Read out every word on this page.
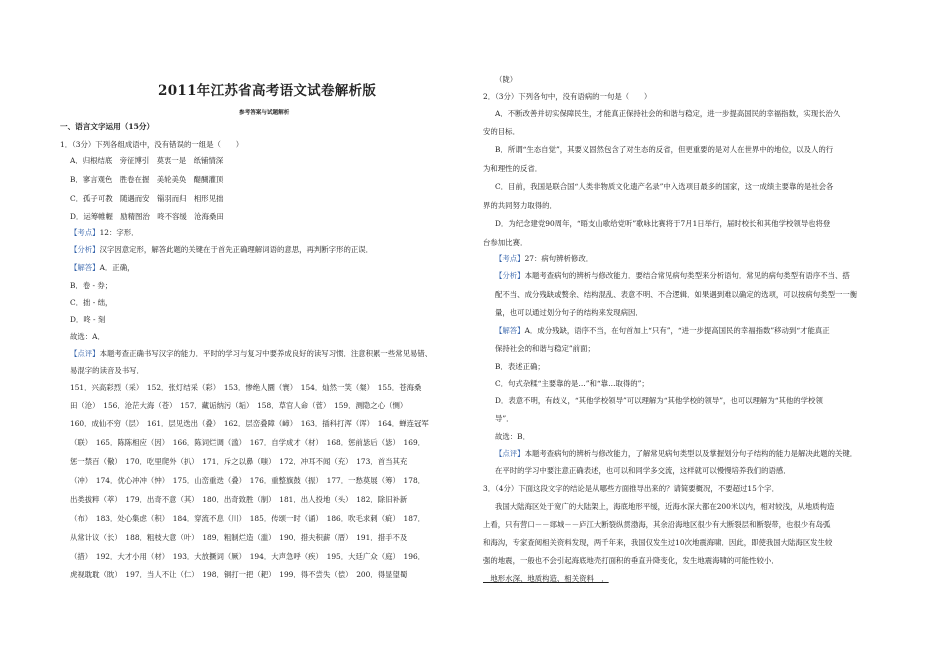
2011年江苏省高考语文试卷解析版
参考答案与试题解析
一、语言文字运用（15分）
1．（3分）下列各组成语中，没有错误的一组是（　　）
A．归根结底　旁征博引　莫衷一是　纸铺情深
B．寥言观色　胜卷在握　美轮美奂　醍醐灌顶
C．孤子可教　随遇而安　锱羽而归　相形见拙
D．运筹帷幄　励精图治　咚不容缓　沧海桑田
【考点】12：字形．
【分析】汉字因意定形，解答此题的关键在于首先正确理解词语的意思，再判断字形的正误．
【解答】A．正确，
B．卷 - 券；
C．拙 - 绌，
D．咚 - 刻
故选：A．
【点评】本题考查正确书写汉字的能力．平时的学习与复习中要养成良好的读写习惯．注意积累一些常见易错、
易混字的读音及书写．
151．兴高彩烈（采）　152．张灯结采（彩）　153．惨绝人圜（寰）　154．灿然一笑（粲）　155．苍海桑
田（沧）　156．沧茫大海（苍）　157．藏诟纳污（垢）　158．草官人命（菅）　159．测隐之心（恻）
160．成仙不穷（层）　161．层见迭出（叠）　162．层峦叠障（嶂）　163．插科打浑（诨）　164．蝉连冠军
（联）　165．陈陈相应（因）　166．陈词烂调（滥）　167．自学成才（材）　168．惩前毖后（毖）　169．
惩一禁百（儆）　170．吃里爬外（扒）　171．斥之以鼻（嗤）　172．冲耳不闻（充）　173．首当其充
（冲）　174．优心冲冲（忡）　175．山峦重迭（叠）　176．重整旗鼓（振）　177．一愁莫展（筹）　178．
出类拔粹（萃）　179．出奇不意（其）　180．出奇致胜（制）　181．出人投地（头）　182．除旧补新
（布）　183．处心集虑（积）　184．穿流不息（川）　185．传颂一时（诵）　186．吹毛求刺（疵）　187．
从常计议（长）　188．粗枝大意（叶）　189．粗制烂造（滥）　190．措夫积薪（厝）　191．措手不及
（措）　192．大才小用（材）　193．大放撅词（厥）　194．大声急呼（疾）　195．大廷广众（庭）　196．
虎视耽耽（眈）　197．当人不让（仁）　198．铜打一把（耙）　199．得不尝失（偿）　200．得显望蜀
（陇）
2．（3分）下列各句中，没有语病的一句是（　　）
A．不断改善并切实保障民生，才能真正保持社会的和谐与稳定，进一步提高国民的幸福指数，实现长治久
安的目标．
B．所谓“生态自觉”，其要义固然包含了对生态的反省，但更重要的是对人在世界中的地位，以及人的行
为和理性的反省．
C．目前，我国是联合国“人类非物质文化遗产名录”中入选项目最多的国家，这一成绩主要靠的是社会各
界的共同努力取得的．
D．为纪念建党90周年，“晤支山歌给党听”歌咏比赛将于7月1日举行，届时校长和其他学校领导也将登
台参加比赛．
【考点】27：病句辨析修改．
【分析】本题考查病句的辨析与修改能力．要结合常见病句类型来分析语句．常见的病句类型有语序不当、搭
配不当、成分残缺或赘余、结构混乱、表意不明、不合逻辑．如果遇到难以确定的选项，可以按病句类型一一衡
量，也可以通过划分句子的结构来发现病因．
【解答】A．成分残缺，语序不当，在句首加上“只有”，“进一步提高国民的幸福指数”移动到“才能真正
保持社会的和谐与稳定”前面；
B．表述正确；
C．句式杂糅“主要靠的是…”和“靠…取得的”；
D．表意不明，有歧义，“其他学校领导”可以理解为“其他学校的领导”，也可以理解为“其他的学校领
导”．
故选：B．
【点评】本题考查病句的辨析与修改能力，了解常见病句类型以及掌握划分句子结构的能力是解决此题的关键．
在平时的学习中要注意正确表述，也可以和同学多交流，这样就可以慢慢培养我们的语感．
3．（4分）下面这段文字的结论是从哪些方面推导出来的？请简要概况，不要超过15个字．
我国大陆海区处于宽广的大陆架上，海底地形平缓，近海水深大都在200米以内，相对较浅，从地质构造
上看，只有营口－－郯城－－庐江大断裂纵贯渤海，其余沿海地区很少有大断裂层和断裂带，也很少有岛弧
和海沟，专家查阅相关资料发现，两千年来，我国仅发生过10次地震海啸．因此，即使我国大陆海区发生较
强的地震，一般也不会引起海底地壳打面积的垂直升降变化，发生地震海啸的可能性较小．
　地形水深、地质构造、相关资料　．
